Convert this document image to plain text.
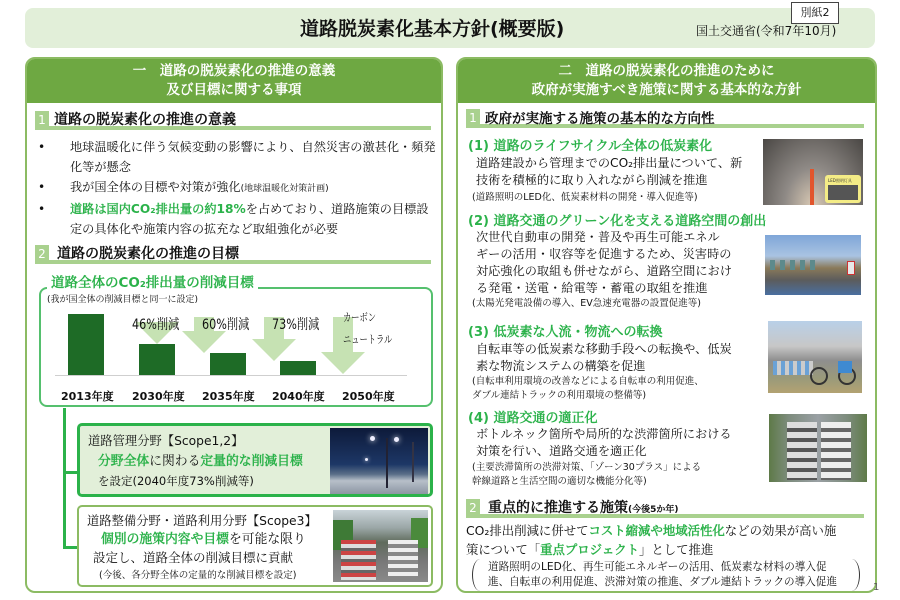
道路脱炭素化基本方針(概要版)	国土交通省(令和7年10月)
別紙2
一　道路の脱炭素化の推進の意義
及び目標に関する事項
1 道路の脱炭素化の推進の意義
• 地球温暖化に伴う気候変動の影響により、自然災害の激甚化・頻発化等が懸念
• 我が国全体の目標や対策が強化(地球温暖化対策計画)
• 道路は国内CO₂排出量の約18%を占めており、道路施策の目標設定の具体化や施策内容の拡充など取組強化が必要
2 道路の脱炭素化の推進の目標
道路全体のCO₂排出量の削減目標
(我が国全体の削減目標と同一に設定)
46%削減 60%削減 73%削減 カーボン
ニュートラル
2013年度 2030年度 2035年度 2040年度 2050年度
道路管理分野【Scope1,2】
分野全体に関わる定量的な削減目標
を設定(2040年度73%削減等)
道路整備分野・道路利用分野【Scope3】
個別の施策内容や目標を可能な限り
設定し、道路全体の削減目標に貢献
(今後、各分野全体の定量的な削減目標を設定)
二　道路の脱炭素化の推進のために
政府が実施すべき施策に関する基本的な方針
1 政府が実施する施策の基本的な方向性
(1) 道路のライフサイクル全体の低炭素化
道路建設から管理までのCO₂排出量について、新
技術を積極的に取り入れながら削減を推進
(道路照明のLED化、低炭素材料の開発・導入促進等)
LED照明灯具
(2) 道路交通のグリーン化を支える道路空間の創出
次世代自動車の開発・普及や再生可能エネル
ギーの活用・収容等を促進するため、災害時の
対応強化の取組も併せながら、道路空間におけ
る発電・送電・給電等・蓄電の取組を推進
(太陽光発電設備の導入、EV急速充電器の設置促進等)
(3) 低炭素な人流・物流への転換
自転車等の低炭素な移動手段への転換や、低炭
素な物流システムの構築を促進
(自転車利用環境の改善などによる自転車の利用促進、
ダブル連結トラックの利用環境の整備等)
(4) 道路交通の適正化
ボトルネック箇所や局所的な渋滞箇所における
対策を行い、道路交通を適正化
(主要渋滞箇所の渋滞対策、「ゾーン30プラス」による
幹線道路と生活空間の適切な機能分化等)
2 重点的に推進する施策(今後5か年)
CO₂排出削減に併せてコスト縮減や地域活性化などの効果が高い施
策について「重点プロジェクト」として推進
道路照明のLED化、再生可能エネルギーの活用、低炭素な材料の導入促
進、自転車の利用促進、渋滞対策の推進、ダブル連結トラックの導入促進	1
